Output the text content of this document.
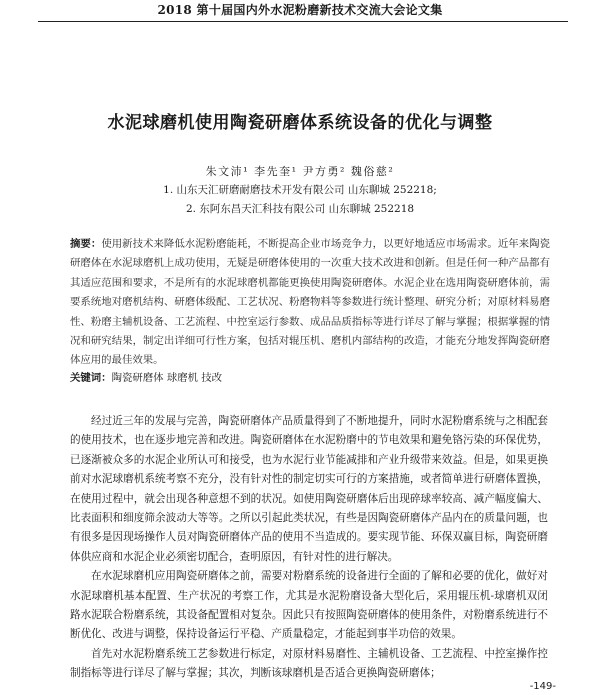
2018 第十届国内外水泥粉磨新技术交流大会论文集
水泥球磨机使用陶瓷研磨体系统设备的优化与调整
朱文沛¹ 李先奎¹ 尹方勇² 魏俗慈²
1. 山东天汇研磨耐磨技术开发有限公司 山东聊城 252218;
2. 东阿东昌天汇科技有限公司 山东聊城 252218
摘要：使用新技术来降低水泥粉磨能耗，不断提高企业市场竞争力，以更好地适应市场需求。近年来陶瓷研磨体在水泥球磨机上成功使用，无疑是研磨体使用的一次重大技术改进和创新。但是任何一种产品都有其适应范围和要求，不是所有的水泥球磨机都能更换使用陶瓷研磨体。水泥企业在选用陶瓷研磨体前，需要系统地对磨机结构、研磨体级配、工艺状况、粉磨物料等参数进行统计整理、研究分析；对原材料易磨性、粉磨主辅机设备、工艺流程、中控室运行参数、成品品质指标等进行详尽了解与掌握；根据掌握的情况和研究结果，制定出详细可行性方案，包括对辊压机、磨机内部结构的改造，才能充分地发挥陶瓷研磨体应用的最佳效果。
关键词：陶瓷研磨体 球磨机 技改

经过近三年的发展与完善，陶瓷研磨体产品质量得到了不断地提升，同时水泥粉磨系统与之相配套的使用技术，也在逐步地完善和改进。陶瓷研磨体在水泥粉磨中的节电效果和避免铬污染的环保优势，已逐渐被众多的水泥企业所认可和接受，也为水泥行业节能减排和产业升级带来效益。但是，如果更换前对水泥球磨机系统考察不充分，没有针对性的制定切实可行的方案措施，或者简单进行研磨体置换，在使用过程中，就会出现各种意想不到的状况。如使用陶瓷研磨体后出现碎球率较高、减产幅度偏大、比表面积和细度筛余波动大等等。之所以引起此类状况，有些是因陶瓷研磨体产品内在的质量问题，也有很多是因现场操作人员对陶瓷研磨体产品的使用不当造成的。要实现节能、环保双赢目标，陶瓷研磨体供应商和水泥企业必须密切配合，查明原因，有针对性的进行解决。

在水泥球磨机应用陶瓷研磨体之前，需要对粉磨系统的设备进行全面的了解和必要的优化，做好对水泥球磨机基本配置、生产状况的考察工作，尤其是水泥粉磨设备大型化后，采用辊压机-球磨机双闭路水泥联合粉磨系统，其设备配置相对复杂。因此只有按照陶瓷研磨体的使用条件，对粉磨系统进行不断优化、改进与调整，保持设备运行平稳、产质量稳定，才能起到事半功倍的效果。

首先对水泥粉磨系统工艺参数进行标定，对原材料易磨性、主辅机设备、工艺流程、中控室操作控制指标等进行详尽了解与掌握；其次，判断该球磨机是否适合更换陶瓷研磨体；

-149-
